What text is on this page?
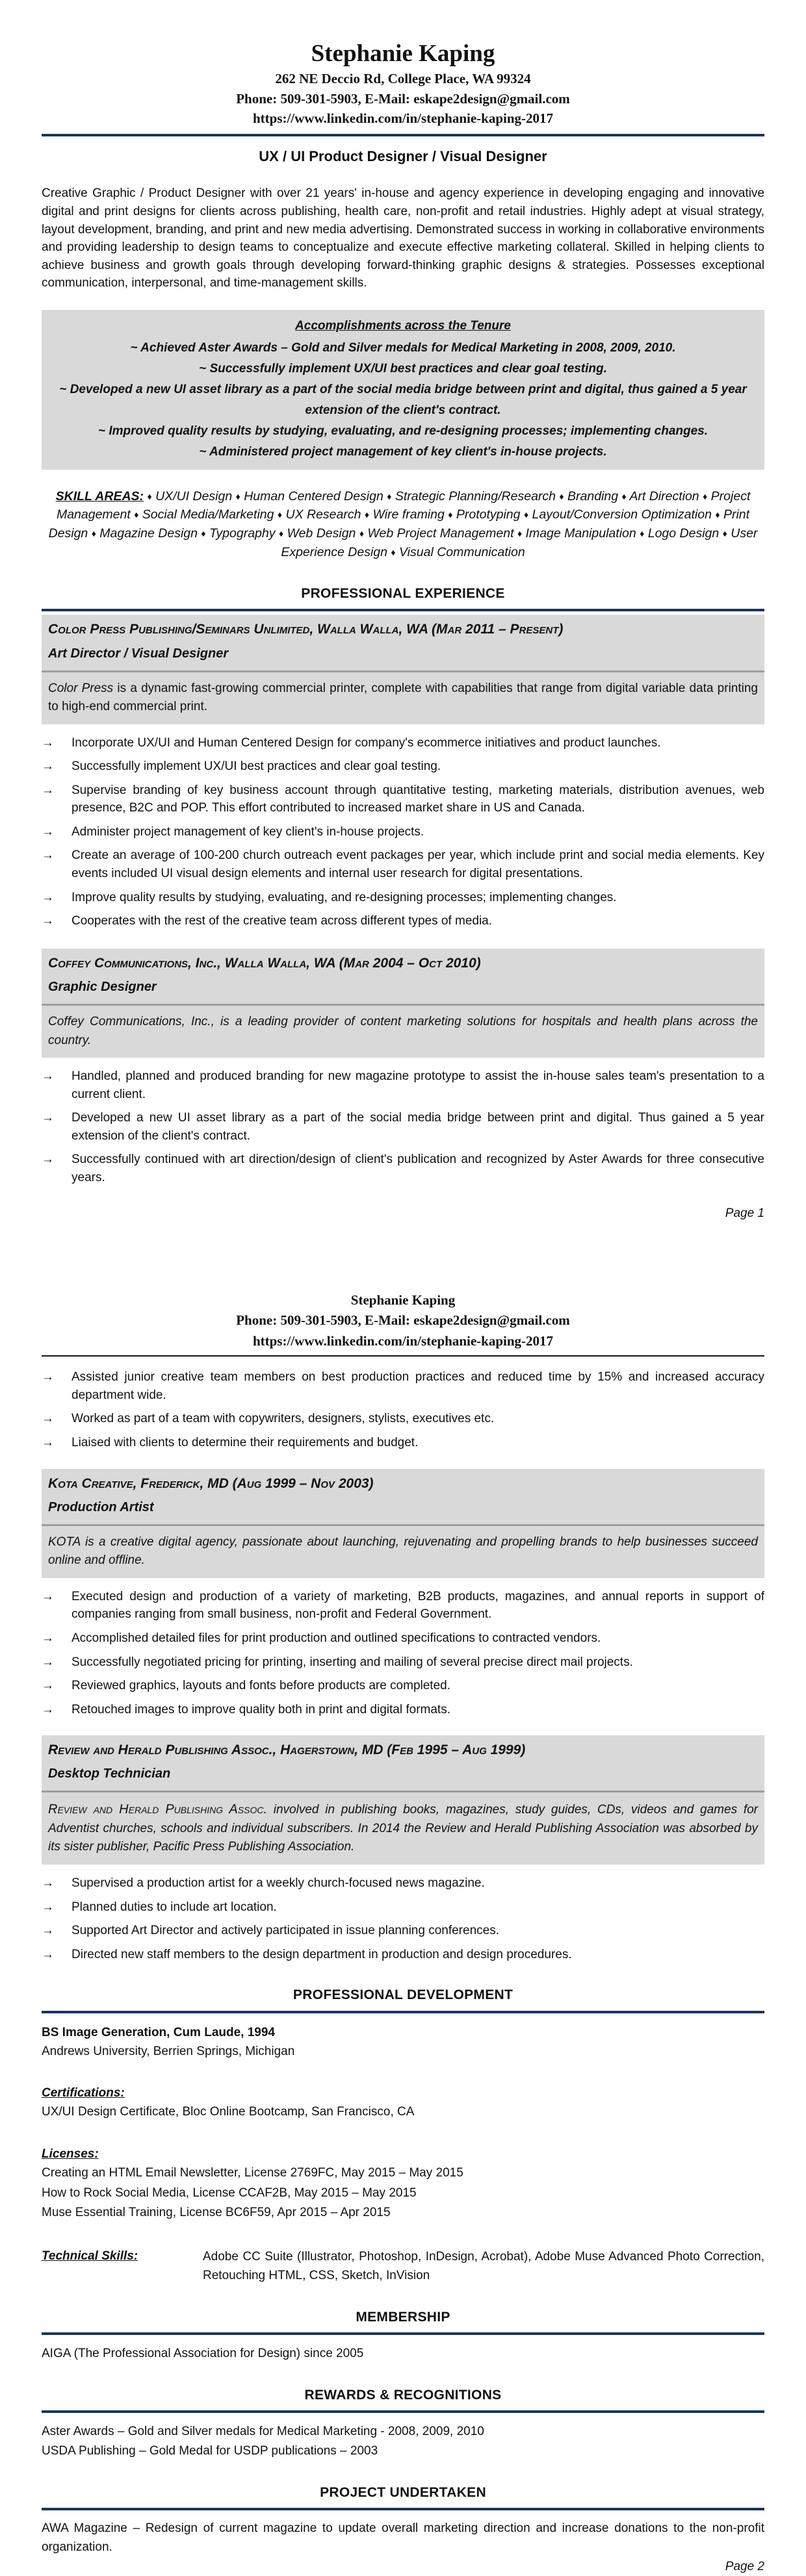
Stephanie Kaping
262 NE Deccio Rd, College Place, WA 99324
Phone: 509-301-5903, E-Mail: eskape2design@gmail.com
https://www.linkedin.com/in/stephanie-kaping-2017
UX / UI Product Designer / Visual Designer

Creative Graphic / Product Designer with over 21 years' in-house and agency experience in developing engaging and innovative digital and print designs for clients across publishing, health care, non-profit and retail industries. Highly adept at visual strategy, layout development, branding, and print and new media advertising. Demonstrated success in working in collaborative environments and providing leadership to design teams to conceptualize and execute effective marketing collateral. Skilled in helping clients to achieve business and growth goals through developing forward-thinking graphic designs & strategies. Possesses exceptional communication, interpersonal, and time-management skills.

Accomplishments across the Tenure
~ Achieved Aster Awards – Gold and Silver medals for Medical Marketing in 2008, 2009, 2010.
~ Successfully implement UX/UI best practices and clear goal testing.
~ Developed a new UI asset library as a part of the social media bridge between print and digital, thus gained a 5 year extension of the client's contract.
~ Improved quality results by studying, evaluating, and re-designing processes; implementing changes.
~ Administered project management of key client's in-house projects.

SKILL AREAS: ♦ UX/UI Design ♦ Human Centered Design ♦ Strategic Planning/Research ♦ Branding ♦ Art Direction ♦ Project Management ♦ Social Media/Marketing ♦ UX Research ♦ Wire framing ♦ Prototyping ♦ Layout/Conversion Optimization ♦ Print Design ♦ Magazine Design ♦ Typography ♦ Web Design ♦ Web Project Management ♦ Image Manipulation ♦ Logo Design ♦ User Experience Design ♦ Visual Communication

PROFESSIONAL EXPERIENCE
Color Press Publishing/Seminars Unlimited, Walla Walla, WA (Mar 2011 – Present)
Art Director / Visual Designer

Color Press is a dynamic fast-growing commercial printer, complete with capabilities that range from digital variable data printing to high-end commercial print.

→	Incorporate UX/UI and Human Centered Design for company's ecommerce initiatives and product launches.
→	Successfully implement UX/UI best practices and clear goal testing.
→	Supervise branding of key business account through quantitative testing, marketing materials, distribution avenues, web presence, B2C and POP. This effort contributed to increased market share in US and Canada.
→	Administer project management of key client's in-house projects.
→	Create an average of 100-200 church outreach event packages per year, which include print and social media elements. Key events included UI visual design elements and internal user research for digital presentations.
→	Improve quality results by studying, evaluating, and re-designing processes; implementing changes.
→	Cooperates with the rest of the creative team across different types of media.
Coffey Communications, Inc., Walla Walla, WA (Mar 2004 – Oct 2010)
Graphic Designer

Coffey Communications, Inc., is a leading provider of content marketing solutions for hospitals and health plans across the country.

→	Handled, planned and produced branding for new magazine prototype to assist the in-house sales team's presentation to a current client.
→	Developed a new UI asset library as a part of the social media bridge between print and digital. Thus gained a 5 year extension of the client's contract.
→	Successfully continued with art direction/design of client's publication and recognized by Aster Awards for three consecutive years.
Page 1
Stephanie Kaping
Phone: 509-301-5903, E-Mail: eskape2design@gmail.com
https://www.linkedin.com/in/stephanie-kaping-2017
→	Assisted junior creative team members on best production practices and reduced time by 15% and increased accuracy department wide.
→	Worked as part of a team with copywriters, designers, stylists, executives etc.
→	Liaised with clients to determine their requirements and budget.
Kota Creative, Frederick, MD (Aug 1999 – Nov 2003)
Production Artist

KOTA is a creative digital agency, passionate about launching, rejuvenating and propelling brands to help businesses succeed online and offline.

→	Executed design and production of a variety of marketing, B2B products, magazines, and annual reports in support of companies ranging from small business, non-profit and Federal Government.
→	Accomplished detailed files for print production and outlined specifications to contracted vendors.
→	Successfully negotiated pricing for printing, inserting and mailing of several precise direct mail projects.
→	Reviewed graphics, layouts and fonts before products are completed.
→	Retouched images to improve quality both in print and digital formats.
Review and Herald Publishing Assoc., Hagerstown, MD (Feb 1995 – Aug 1999)
Desktop Technician

Review and Herald Publishing Assoc. involved in publishing books, magazines, study guides, CDs, videos and games for Adventist churches, schools and individual subscribers. In 2014 the Review and Herald Publishing Association was absorbed by its sister publisher, Pacific Press Publishing Association.

→	Supervised a production artist for a weekly church-focused news magazine.
→	Planned duties to include art location.
→	Supported Art Director and actively participated in issue planning conferences.
→	Directed new staff members to the design department in production and design procedures.
PROFESSIONAL DEVELOPMENT
BS Image Generation, Cum Laude, 1994
Andrews University, Berrien Springs, Michigan
Certifications:
UX/UI Design Certificate, Bloc Online Bootcamp, San Francisco, CA
Licenses:
Creating an HTML Email Newsletter, License 2769FC, May 2015 – May 2015
How to Rock Social Media, License CCAF2B, May 2015 – May 2015
Muse Essential Training, License BC6F59, Apr 2015 – Apr 2015
Technical Skills:	Adobe CC Suite (Illustrator, Photoshop, InDesign, Acrobat), Adobe Muse Advanced Photo Correction, Retouching HTML, CSS, Sketch, InVision
MEMBERSHIP
AIGA (The Professional Association for Design) since 2005
REWARDS & RECOGNITIONS
Aster Awards – Gold and Silver medals for Medical Marketing - 2008, 2009, 2010
USDA Publishing – Gold Medal for USDP publications – 2003
PROJECT UNDERTAKEN

AWA Magazine – Redesign of current magazine to update overall marketing direction and increase donations to the non-profit organization.

Page 2
